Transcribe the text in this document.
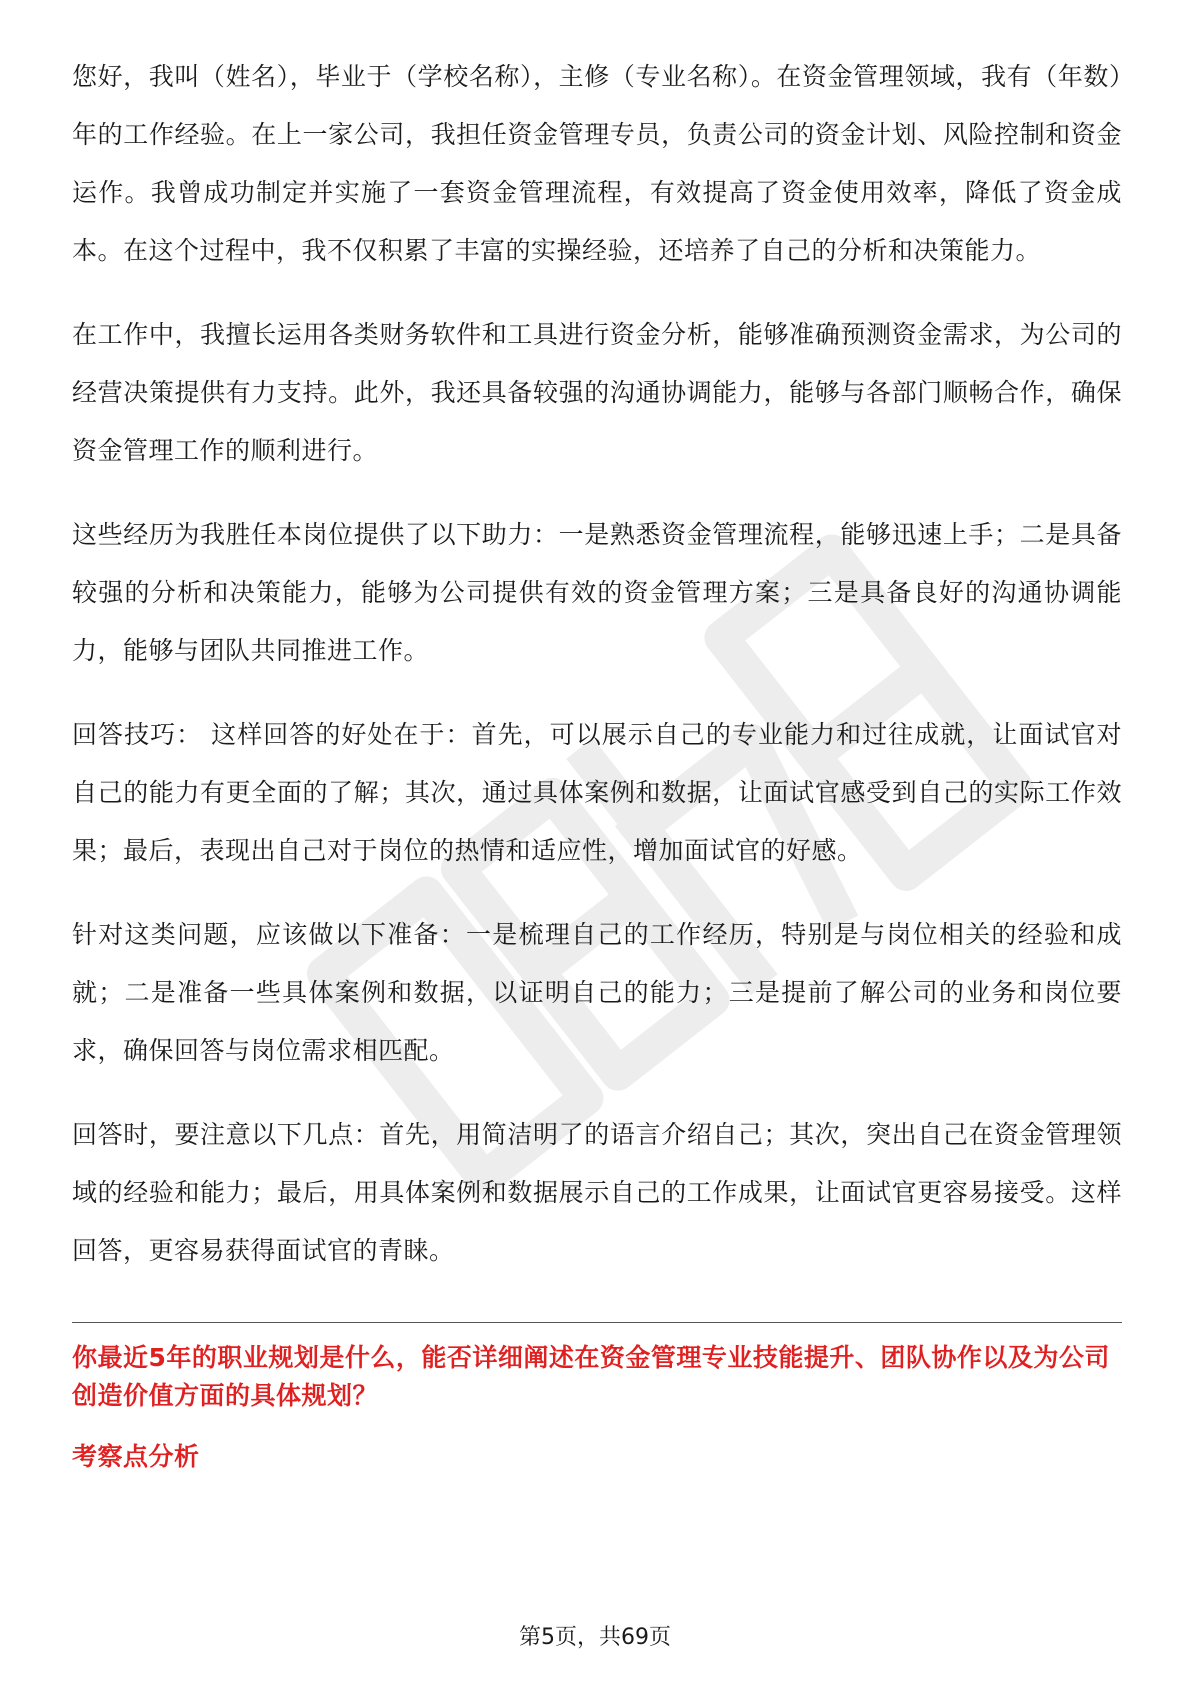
您好，我叫（姓名），毕业于（学校名称），主修（专业名称）。在资金管理领域，我有（年数）年的工作经验。在上一家公司，我担任资金管理专员，负责公司的资金计划、风险控制和资金运作。我曾成功制定并实施了一套资金管理流程，有效提高了资金使用效率，降低了资金成本。在这个过程中，我不仅积累了丰富的实操经验，还培养了自己的分析和决策能力。

在工作中，我擅长运用各类财务软件和工具进行资金分析，能够准确预测资金需求，为公司的经营决策提供有力支持。此外，我还具备较强的沟通协调能力，能够与各部门顺畅合作，确保资金管理工作的顺利进行。

这些经历为我胜任本岗位提供了以下助力：一是熟悉资金管理流程，能够迅速上手；二是具备较强的分析和决策能力，能够为公司提供有效的资金管理方案；三是具备良好的沟通协调能力，能够与团队共同推进工作。

回答技巧： 这样回答的好处在于：首先，可以展示自己的专业能力和过往成就，让面试官对自己的能力有更全面的了解；其次，通过具体案例和数据，让面试官感受到自己的实际工作效果；最后，表现出自己对于岗位的热情和适应性，增加面试官的好感。

针对这类问题，应该做以下准备：一是梳理自己的工作经历，特别是与岗位相关的经验和成就；二是准备一些具体案例和数据，以证明自己的能力；三是提前了解公司的业务和岗位要求，确保回答与岗位需求相匹配。

回答时，要注意以下几点：首先，用简洁明了的语言介绍自己；其次，突出自己在资金管理领域的经验和能力；最后，用具体案例和数据展示自己的工作成果，让面试官更容易接受。这样回答，更容易获得面试官的青睐。

你最近5年的职业规划是什么，能否详细阐述在资金管理专业技能提升、团队协作以及为公司创造价值方面的具体规划？

考察点分析

第5页，共69页
